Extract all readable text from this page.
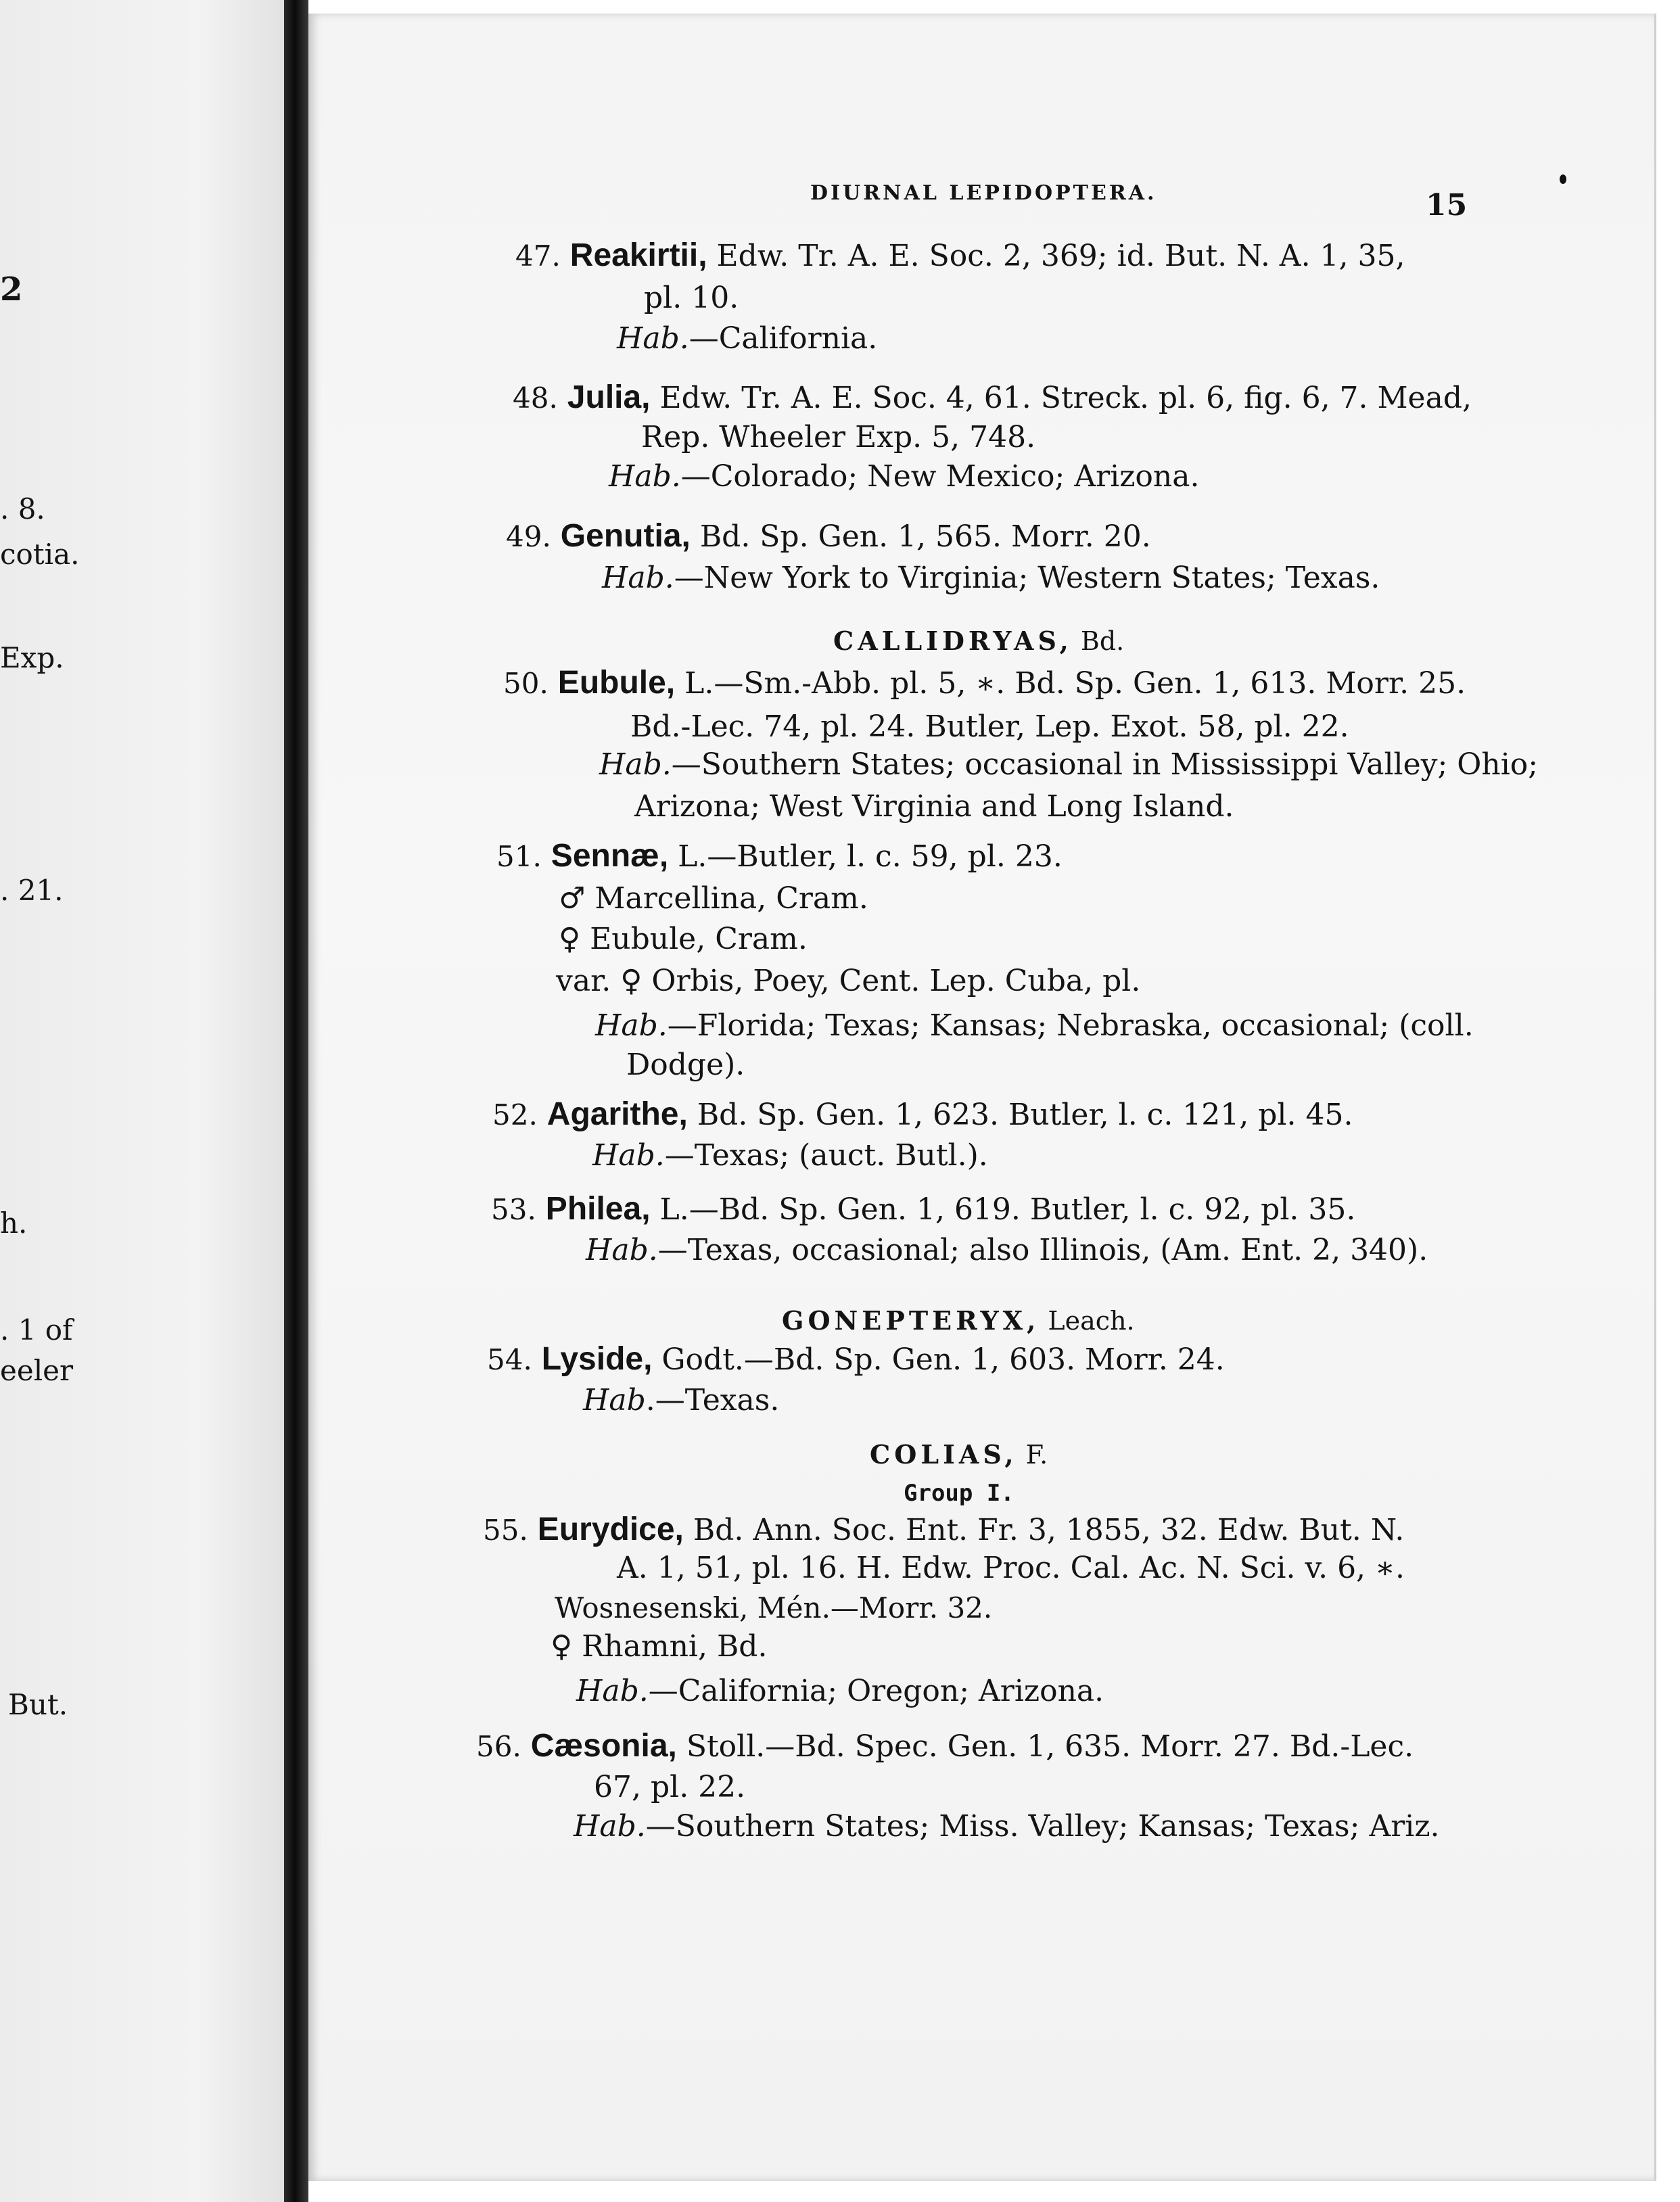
2
. 8.
cotia.
Exp.
. 21.
h.
. 1 of
eeler
But.
DIURNAL LEPIDOPTERA.	15
47. Reakirtii, Edw. Tr. A. E. Soc. 2, 369; id. But. N. A. 1, 35,
pl. 10.
Hab.—California.
48. Julia, Edw. Tr. A. E. Soc. 4, 61. Streck. pl. 6, fig. 6, 7. Mead,
Rep. Wheeler Exp. 5, 748.
Hab.—Colorado; New Mexico; Arizona.
49. Genutia, Bd. Sp. Gen. 1, 565. Morr. 20.
Hab.—New York to Virginia; Western States; Texas.
CALLIDRYAS, Bd.
50. Eubule, L.—Sm.-Abb. pl. 5, ∗. Bd. Sp. Gen. 1, 613. Morr. 25.
Bd.-Lec. 74, pl. 24. Butler, Lep. Exot. 58, pl. 22.
Hab.—Southern States; occasional in Mississippi Valley; Ohio;
Arizona; West Virginia and Long Island.
51. Sennæ, L.—Butler, l. c. 59, pl. 23.
♂ Marcellina, Cram.
♀ Eubule, Cram.
var. ♀ Orbis, Poey, Cent. Lep. Cuba, pl.
Hab.—Florida; Texas; Kansas; Nebraska, occasional; (coll.
Dodge).
52. Agarithe, Bd. Sp. Gen. 1, 623. Butler, l. c. 121, pl. 45.
Hab.—Texas; (auct. Butl.).
53. Philea, L.—Bd. Sp. Gen. 1, 619. Butler, l. c. 92, pl. 35.
Hab.—Texas, occasional; also Illinois, (Am. Ent. 2, 340).
GONEPTERYX, Leach.
54. Lyside, Godt.—Bd. Sp. Gen. 1, 603. Morr. 24.
Hab.—Texas.
COLIAS, F.
Group I.
55. Eurydice, Bd. Ann. Soc. Ent. Fr. 3, 1855, 32. Edw. But. N.
A. 1, 51, pl. 16. H. Edw. Proc. Cal. Ac. N. Sci. v. 6, ∗.
Wosnesenski, Mén.—Morr. 32.
♀ Rhamni, Bd.
Hab.—California; Oregon; Arizona.
56. Cæsonia, Stoll.—Bd. Spec. Gen. 1, 635. Morr. 27. Bd.-Lec.
67, pl. 22.
Hab.—Southern States; Miss. Valley; Kansas; Texas; Ariz.
